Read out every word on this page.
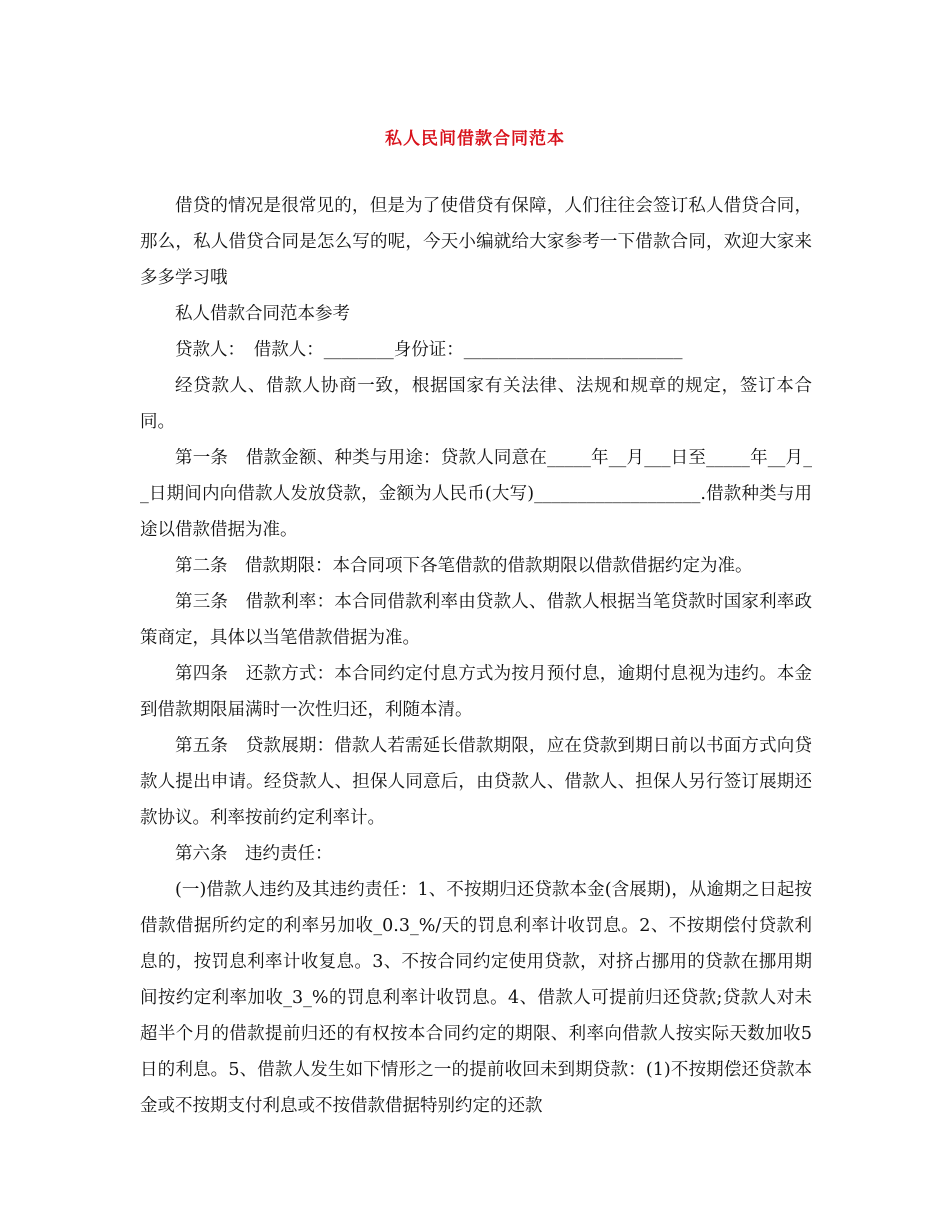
私人民间借款合同范本

借贷的情况是很常见的，但是为了使借贷有保障，人们往往会签订私人借贷合同，那么，私人借贷合同是怎么写的呢，今天小编就给大家参考一下借款合同，欢迎大家来多多学习哦

私人借款合同范本参考

贷款人：　借款人：________身份证：_________________________

经贷款人、借款人协商一致，根据国家有关法律、法规和规章的规定，签订本合同。

第一条　借款金额、种类与用途：贷款人同意在_____年__月___日至_____年__月__日期间内向借款人发放贷款，金额为人民币(大写)___________________.借款种类与用途以借款借据为准。

第二条　借款期限：本合同项下各笔借款的借款期限以借款借据约定为准。

第三条　借款利率：本合同借款利率由贷款人、借款人根据当笔贷款时国家利率政策商定，具体以当笔借款借据为准。

第四条　还款方式：本合同约定付息方式为按月预付息，逾期付息视为违约。本金到借款期限届满时一次性归还，利随本清。

第五条　贷款展期：借款人若需延长借款期限，应在贷款到期日前以书面方式向贷款人提出申请。经贷款人、担保人同意后，由贷款人、借款人、担保人另行签订展期还款协议。利率按前约定利率计。

第六条　违约责任：

(一)借款人违约及其违约责任：1、不按期归还贷款本金(含展期)，从逾期之日起按借款借据所约定的利率另加收_0.3_%/天的罚息利率计收罚息。2、不按期偿付贷款利息的，按罚息利率计收复息。3、不按合同约定使用贷款，对挤占挪用的贷款在挪用期间按约定利率加收_3_%的罚息利率计收罚息。4、借款人可提前归还贷款;贷款人对未超半个月的借款提前归还的有权按本合同约定的期限、利率向借款人按实际天数加收5日的利息。5、借款人发生如下情形之一的提前收回未到期贷款：(1)不按期偿还贷款本金或不按期支付利息或不按借款借据特别约定的还款
